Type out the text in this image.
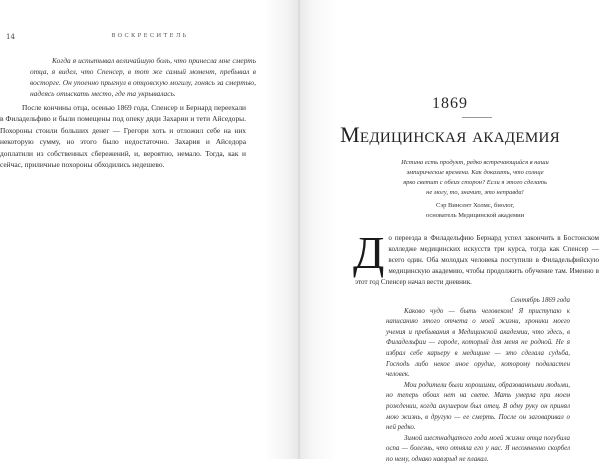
14	ВОСКРЕСИТЕЛЬ

Когда я испытывал величайшую боль, что принесла мне смерть отца, я видел, что Спенсер, в тот же самый момент, пребывал в восторге. Он упоенно прыгнул в отцовскую могилу, гонясь за смертью, надеясь отыскать место, где та укрывалась.

После кончины отца, осенью 1869 года, Спенсер и Бернард переехали в Филадельфию и были помещены под опеку дяди Захарии и тети Айседоры. Похороны стоили больших денег — Грегори хоть и отложил себе на них некоторую сумму, но этого было недостаточно. Захария и Айседора доплатили из собственных сбережений, и, вероятно, немало. Тогда, как и сейчас, приличные похороны обходились недешево.

1869
Медицинская академия
Истина есть продукт, редко встречающийся в наши эмпирические времена. Как доказать, что солнце ярко светит с обеих сторон? Если я этого сделать не могу, то, значит, это неправда!
Сэр Винсент Холмс, биолог,
основатель Медицинской академии
Д о переезда в Филадельфию Бернард успел закончить в Бостонском колледже медицинских искусств три курса, тогда как Спенсер — всего один. Оба молодых человека поступили в Филадельфийскую медицинскую академию, чтобы продолжить обучение там. Именно в этот год Спенсер начал вести дневник.
Сентябрь 1869 года

Каково чудо — быть человеком! Я приступаю к написанию этого отчета о моей жизни, хроники моего учения и пребывания в Медицинской академии, что здесь, в Филадельфии — городе, который для меня не родной. Не я избрал себе карьеру в медицине — это сделала судьба, Господь либо некое иное орудие, которому подвластен человек.

Мои родители были хорошими, образованными людьми, но теперь обоих нет на свете. Мать умерла при моем рождении, когда акушером был отец. В одну руку он принял мою жизнь, в другую — ее смерть. После он заговаривал о ней редко.

Зимой шестнадцатого года моей жизни отца погубила оспа — болезнь, что отняла его у нас. Я несомненно скорбел по нему, однако навзрыд не плакал.
